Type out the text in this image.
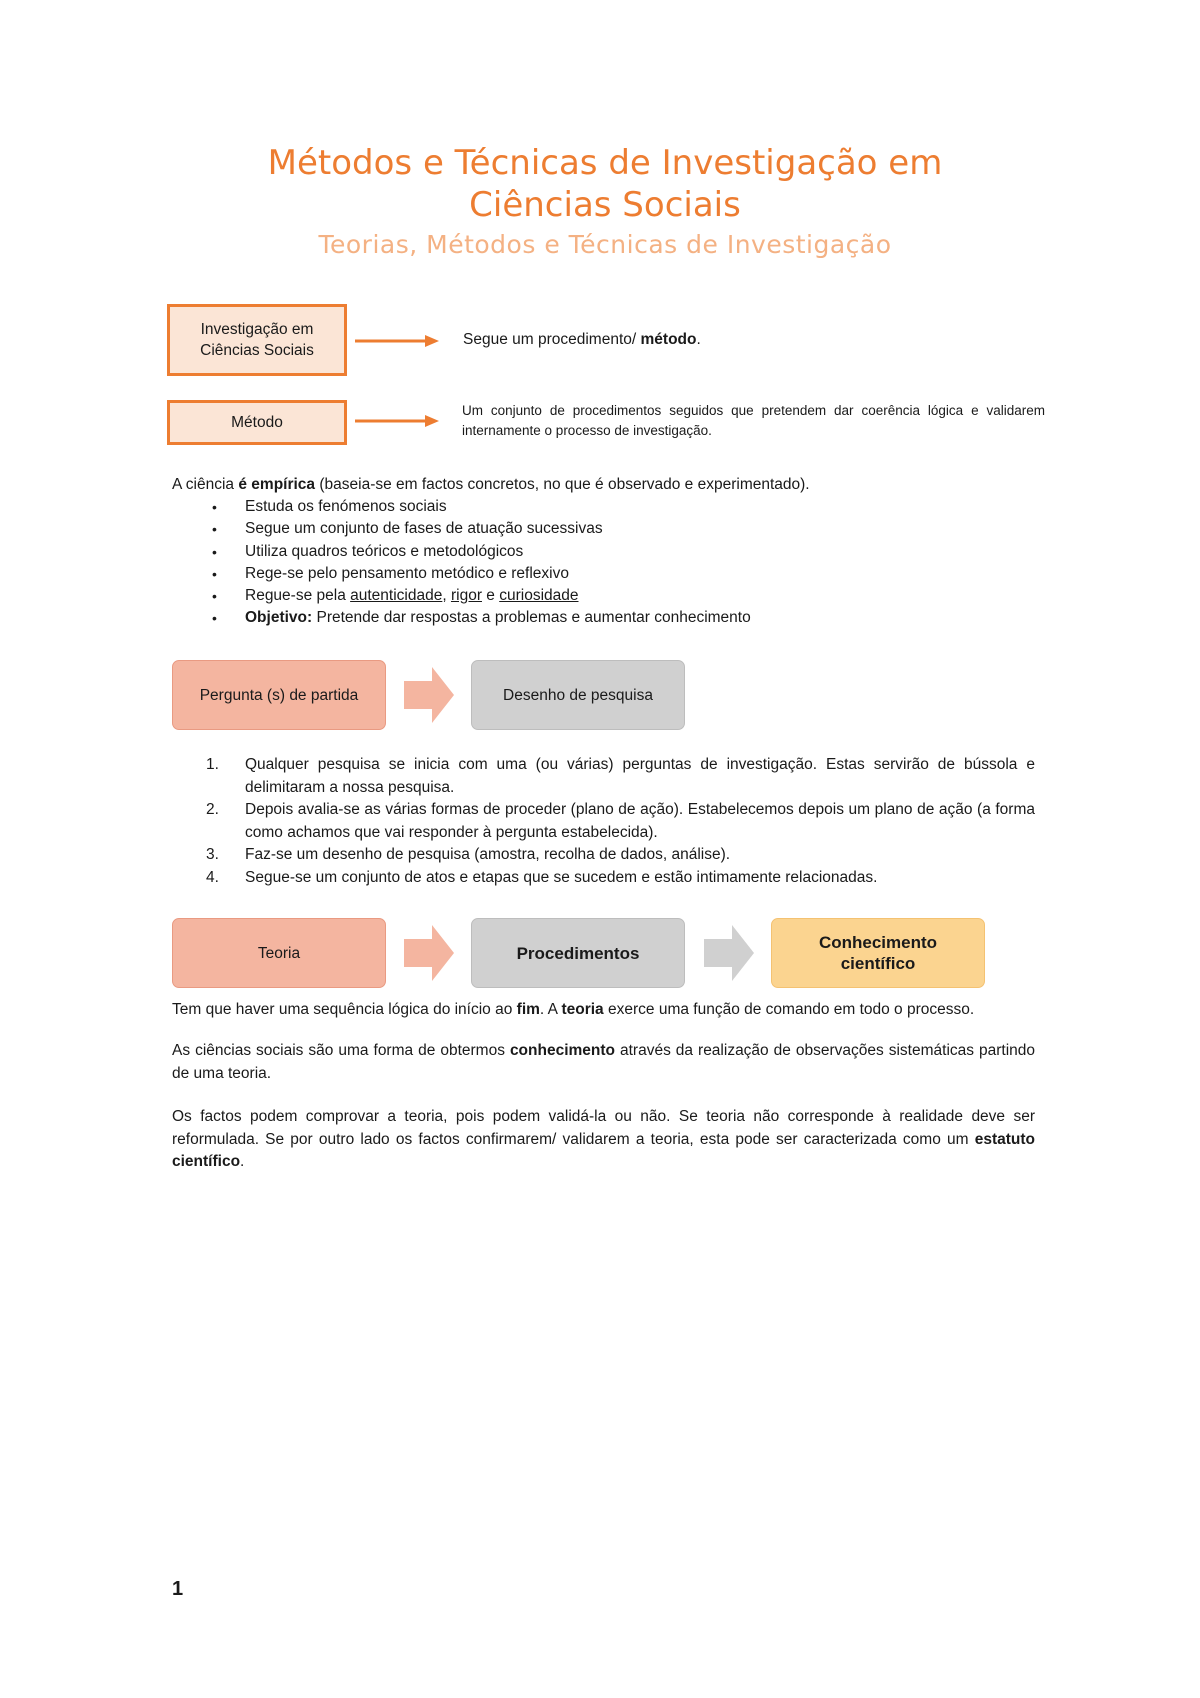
Métodos e Técnicas de Investigação em
Ciências Sociais
Teorias, Métodos e Técnicas de Investigação
Investigação em Ciências Sociais
Segue um procedimento/ método.
Método
Um conjunto de procedimentos seguidos que pretendem dar coerência lógica e validarem internamente o processo de investigação.
A ciência é empírica (baseia-se em factos concretos, no que é observado e experimentado).
• Estuda os fenómenos sociais
• Segue um conjunto de fases de atuação sucessivas
• Utiliza quadros teóricos e metodológicos
• Rege-se pelo pensamento metódico e reflexivo
• Regue-se pela autenticidade, rigor e curiosidade
• Objetivo: Pretende dar respostas a problemas e aumentar conhecimento
Pergunta (s) de partida	Desenho de pesquisa
1. Qualquer pesquisa se inicia com uma (ou várias) perguntas de investigação. Estas servirão de bússola e delimitaram a nossa pesquisa.
2. Depois avalia-se as várias formas de proceder (plano de ação). Estabelecemos depois um plano de ação (a forma como achamos que vai responder à pergunta estabelecida).
3. Faz-se um desenho de pesquisa (amostra, recolha de dados, análise).
4. Segue-se um conjunto de atos e etapas que se sucedem e estão intimamente relacionadas.
Teoria	Procedimentos
Conhecimento
científico
Tem que haver uma sequência lógica do início ao fim. A teoria exerce uma função de comando em todo o processo.
As ciências sociais são uma forma de obtermos conhecimento através da realização de observações sistemáticas partindo de uma teoria.
Os factos podem comprovar a teoria, pois podem validá-la ou não. Se teoria não corresponde à realidade deve ser reformulada. Se por outro lado os factos confirmarem/ validarem a teoria, esta pode ser caracterizada como um estatuto científico.
1
